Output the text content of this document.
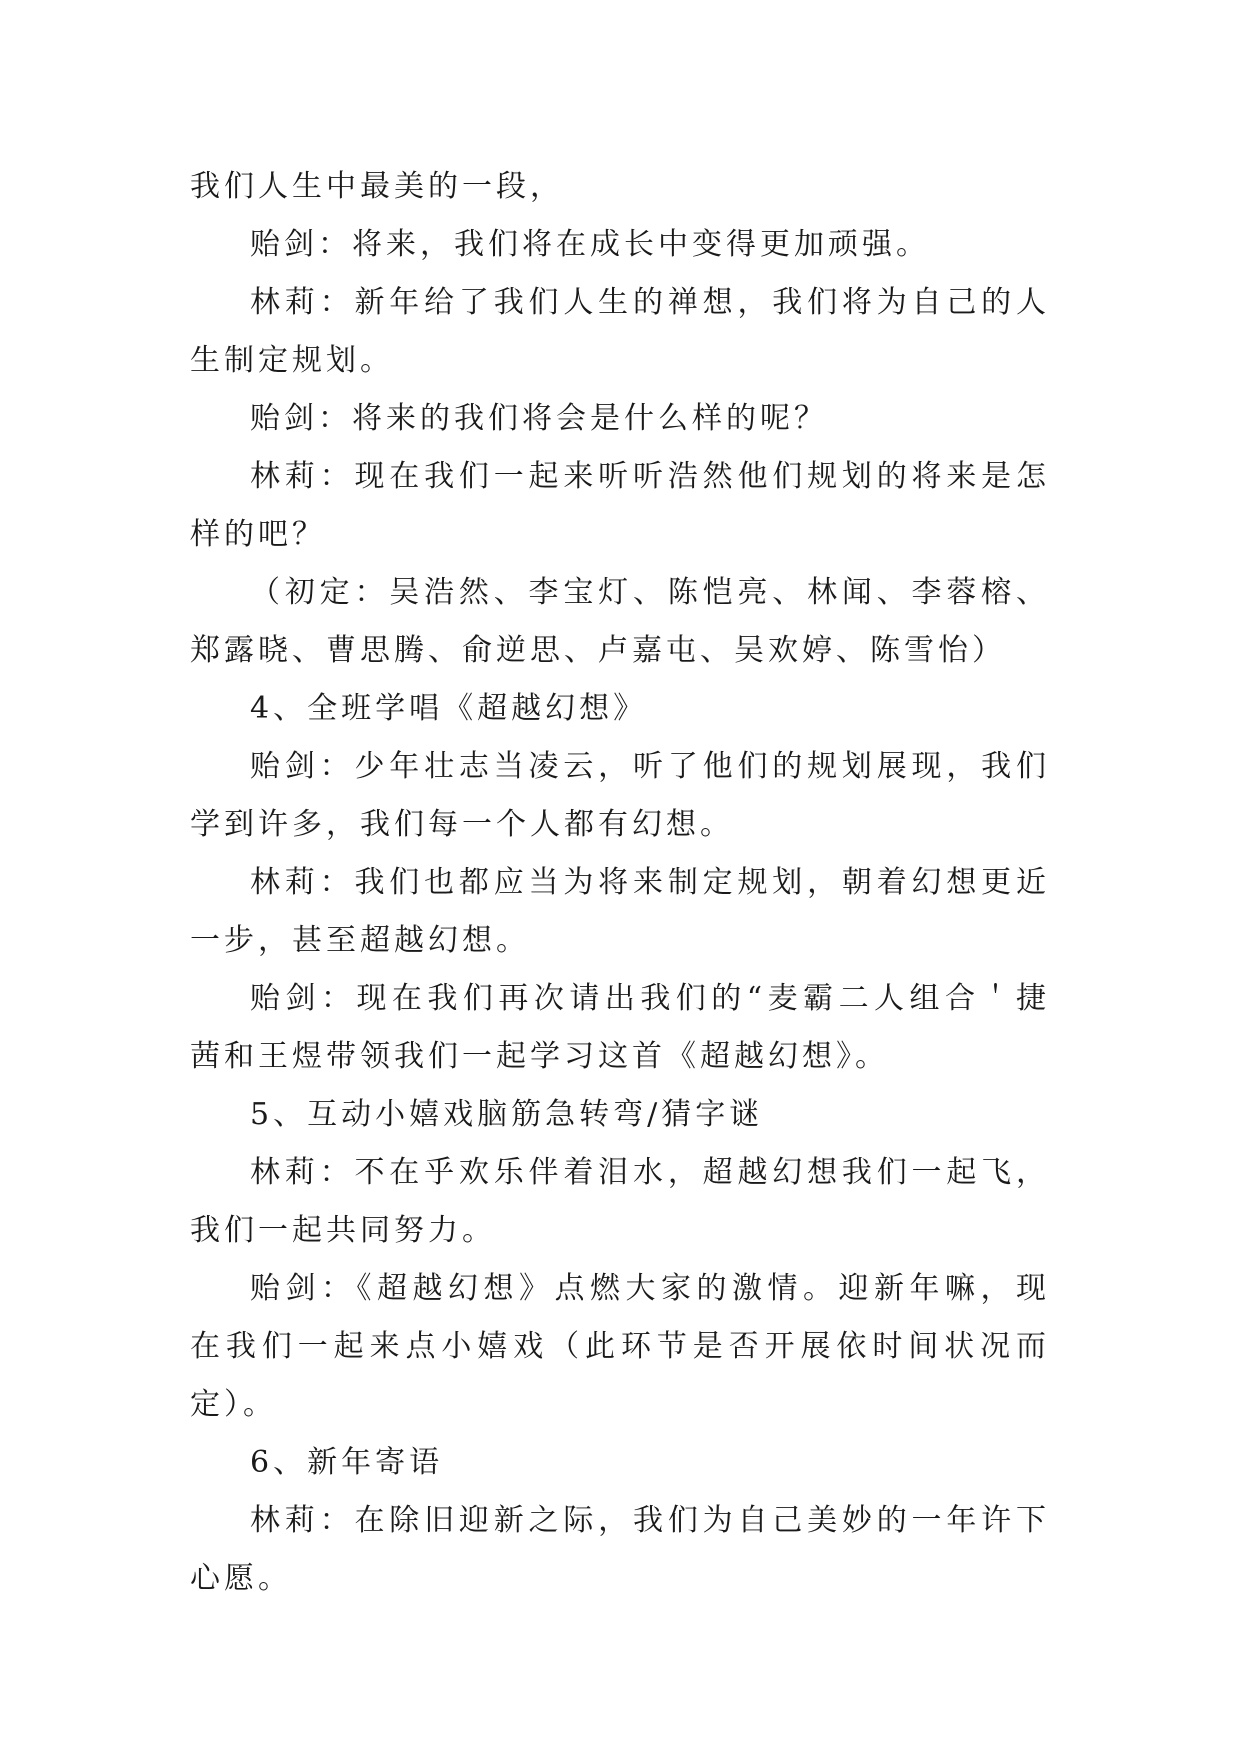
我们人生中最美的一段，

贻剑：将来，我们将在成长中变得更加顽强。

林莉：新年给了我们人生的禅想，我们将为自己的人生制定规划。

贻剑：将来的我们将会是什么样的呢？

林莉：现在我们一起来听听浩然他们规划的将来是怎样的吧？

（初定：吴浩然、李宝灯、陈恺亮、林闻、李蓉榕、郑露晓、曹思腾、俞逆思、卢嘉屯、吴欢婷、陈雪怡）

4、全班学唱《超越幻想》

贻剑：少年壮志当凌云，听了他们的规划展现，我们学到许多，我们每一个人都有幻想。

林莉：我们也都应当为将来制定规划，朝着幻想更近一步，甚至超越幻想。

贻剑：现在我们再次请出我们的“麦霸二人组合＇捷茜和王煜带领我们一起学习这首《超越幻想》。

5、互动小嬉戏脑筋急转弯/猜字谜

林莉：不在乎欢乐伴着泪水，超越幻想我们一起飞，我们一起共同努力。

贻剑：《超越幻想》点燃大家的激情。迎新年嘛，现在我们一起来点小嬉戏（此环节是否开展依时间状况而定）。

6、新年寄语

林莉：在除旧迎新之际，我们为自己美妙的一年许下心愿。
